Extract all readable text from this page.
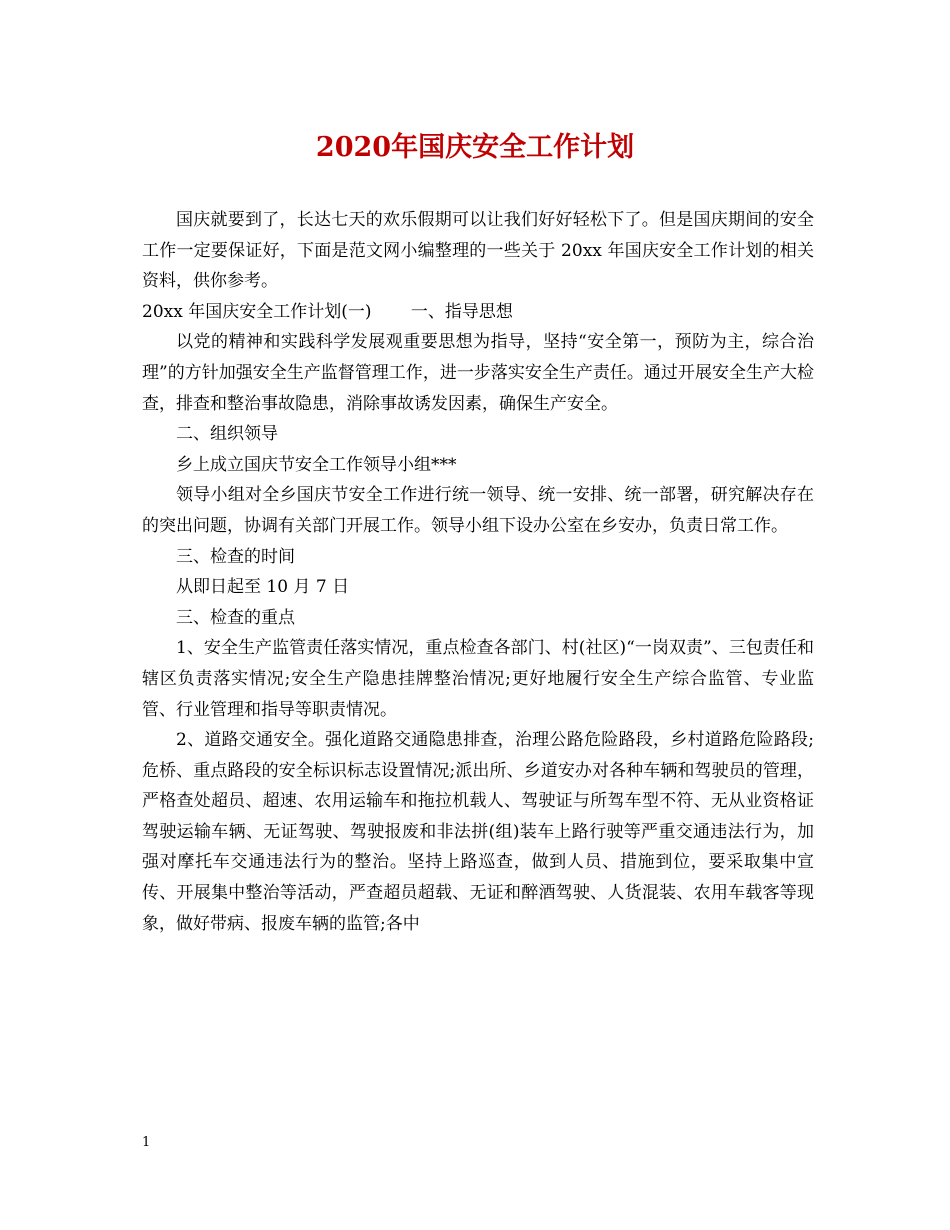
2020年国庆安全工作计划

国庆就要到了，长达七天的欢乐假期可以让我们好好轻松下了。但是国庆期间的安全工作一定要保证好，下面是范文网小编整理的一些关于 20xx 年国庆安全工作计划的相关资料，供你参考。

20xx 年国庆安全工作计划(一)　　 一、指导思想

以党的精神和实践科学发展观重要思想为指导，坚持“安全第一，预防为主，综合治理”的方针加强安全生产监督管理工作，进一步落实安全生产责任。通过开展安全生产大检查，排查和整治事故隐患，消除事故诱发因素，确保生产安全。

二、组织领导

乡上成立国庆节安全工作领导小组***

领导小组对全乡国庆节安全工作进行统一领导、统一安排、统一部署，研究解决存在的突出问题，协调有关部门开展工作。领导小组下设办公室在乡安办，负责日常工作。

三、检查的时间

从即日起至 10 月 7 日

三、检查的重点

1、安全生产监管责任落实情况，重点检查各部门、村(社区)“一岗双责”、三包责任和辖区负责落实情况;安全生产隐患挂牌整治情况;更好地履行安全生产综合监管、专业监管、行业管理和指导等职责情况。

2、道路交通安全。强化道路交通隐患排查，治理公路危险路段，乡村道路危险路段;危桥、重点路段的安全标识标志设置情况;派出所、乡道安办对各种车辆和驾驶员的管理，严格查处超员、超速、农用运输车和拖拉机载人、驾驶证与所驾车型不符、无从业资格证驾驶运输车辆、无证驾驶、驾驶报废和非法拼(组)装车上路行驶等严重交通违法行为，加强对摩托车交通违法行为的整治。坚持上路巡查，做到人员、措施到位，要采取集中宣传、开展集中整治等活动，严查超员超载、无证和醉酒驾驶、人货混装、农用车载客等现象，做好带病、报废车辆的监管;各中

1
